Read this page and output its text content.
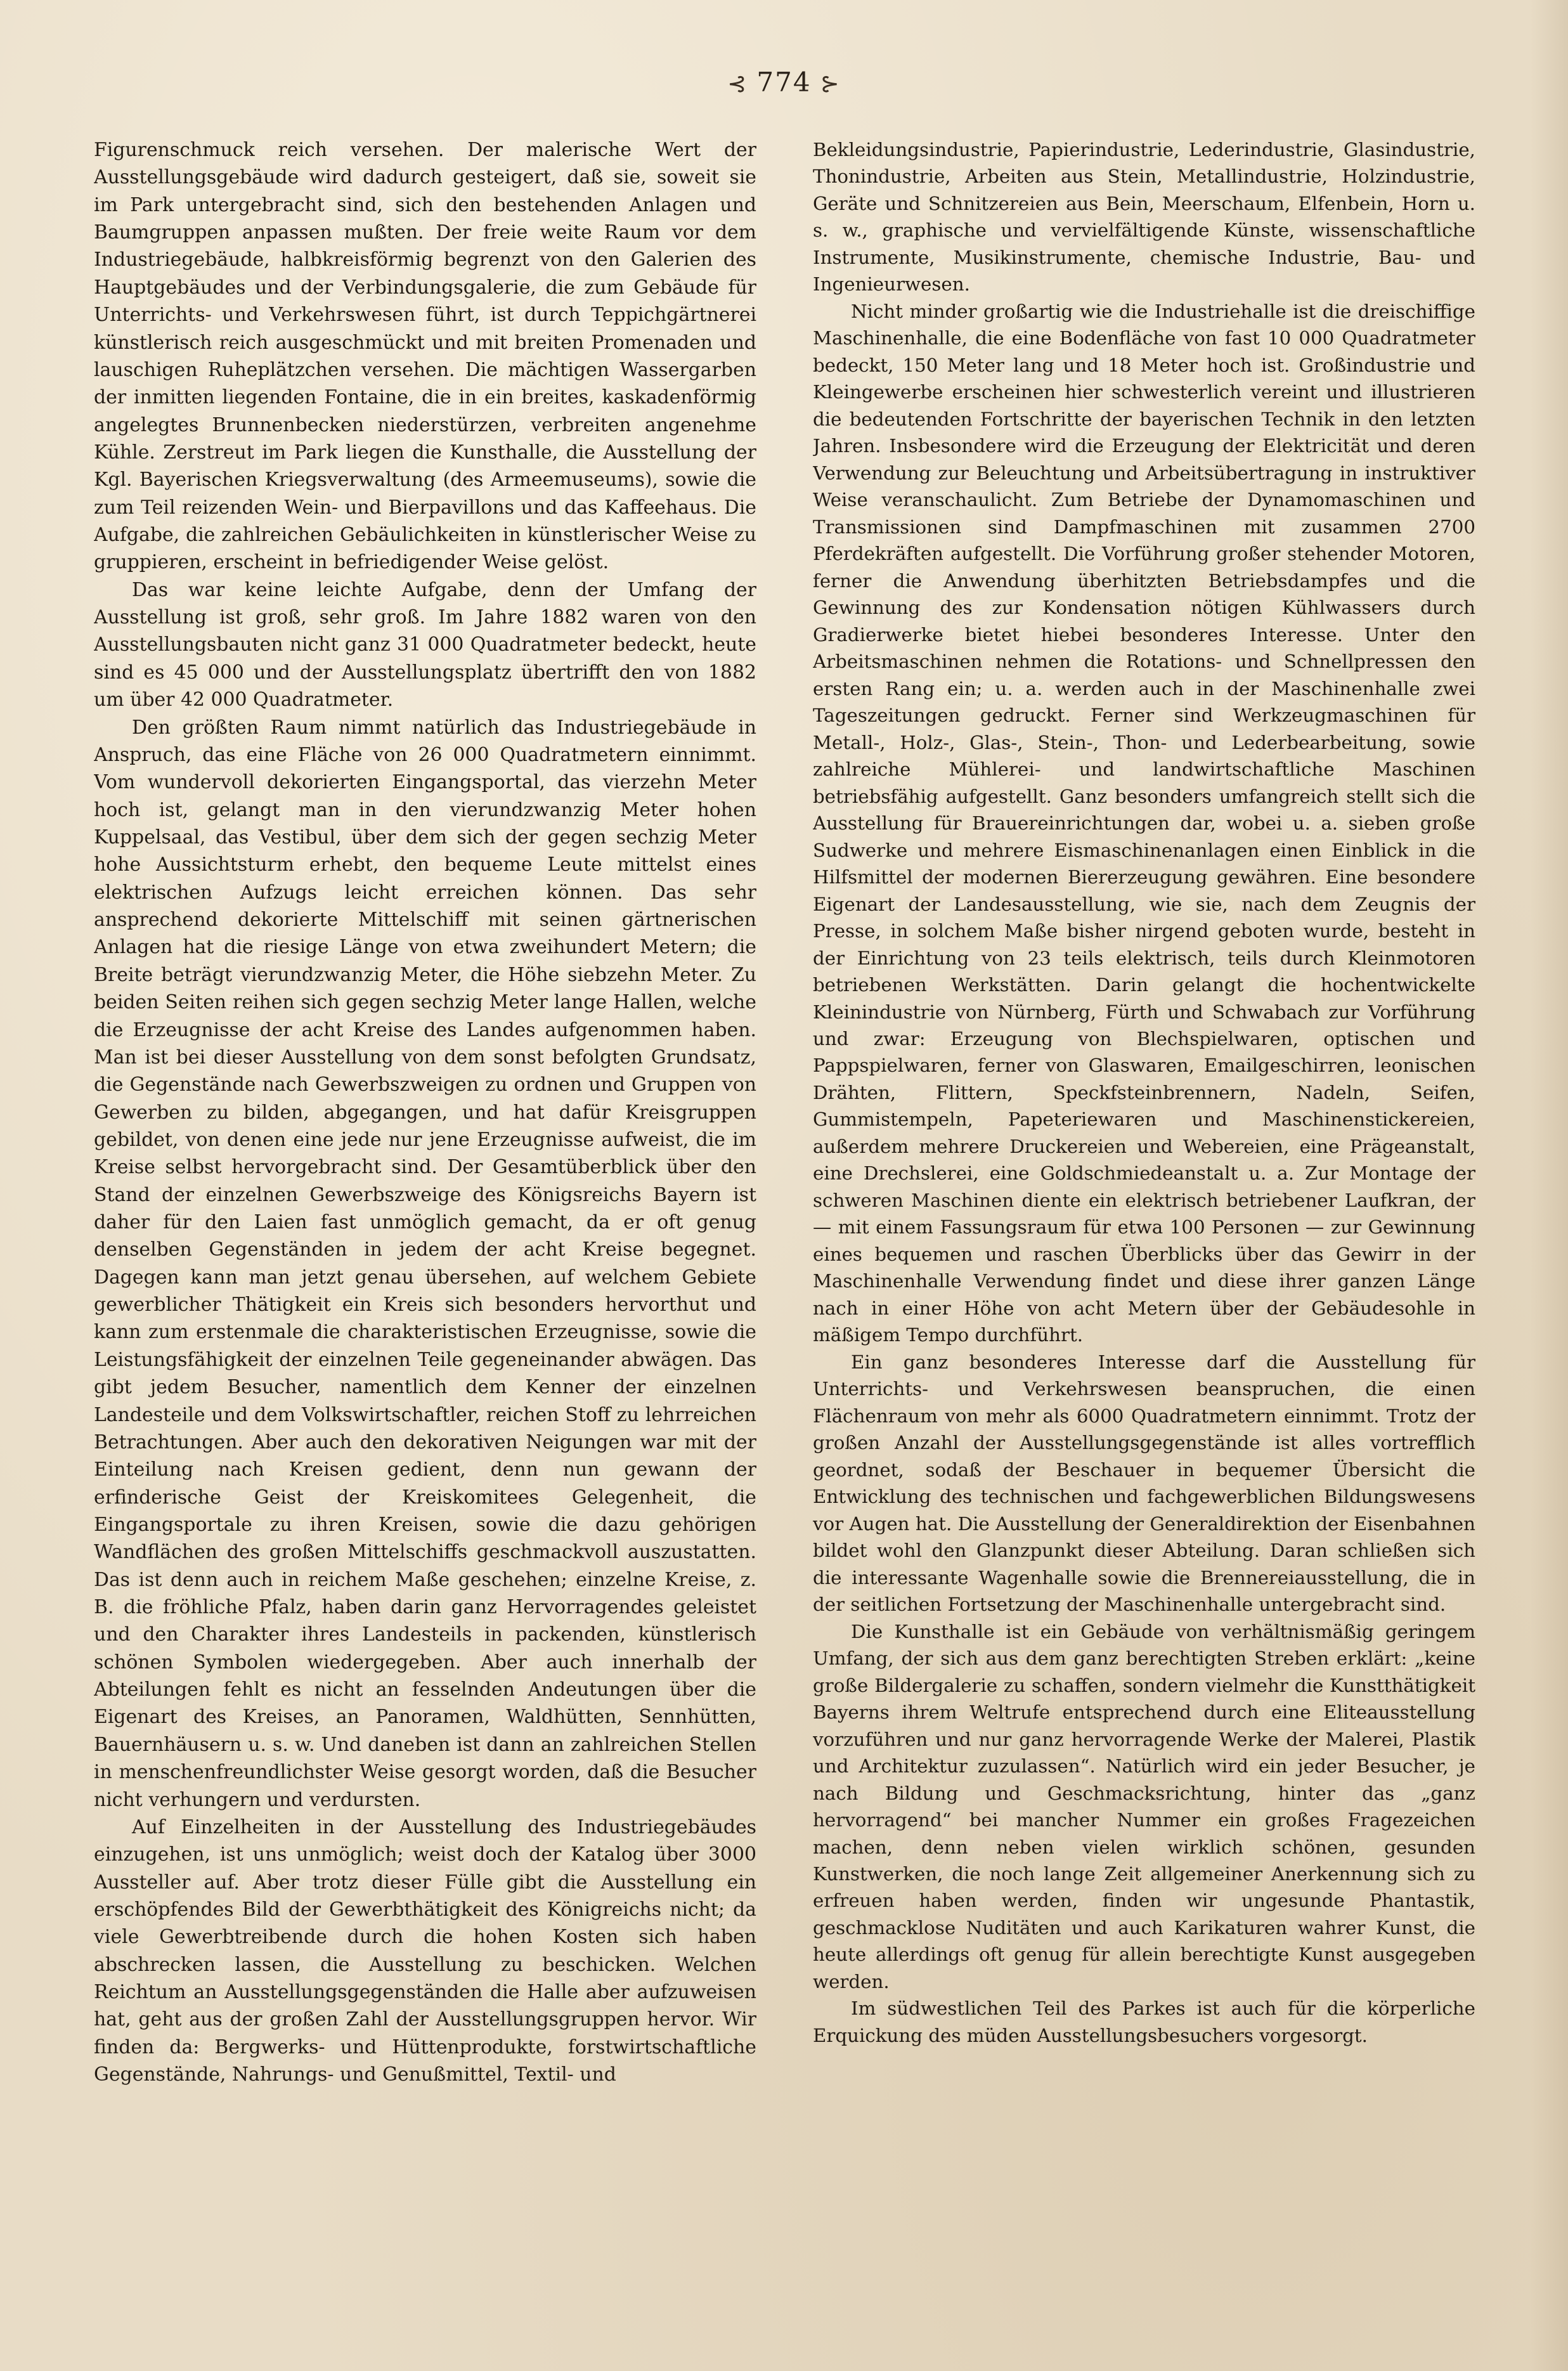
⊰ 774 ⊱

Figurenschmuck reich versehen. Der malerische Wert der Ausstellungsgebäude wird dadurch gesteigert, daß sie, soweit sie im Park untergebracht sind, sich den bestehenden Anlagen und Baumgruppen anpassen mußten. Der freie weite Raum vor dem Industriegebäude, halbkreisförmig begrenzt von den Galerien des Hauptgebäudes und der Verbindungsgalerie, die zum Gebäude für Unterrichts- und Verkehrswesen führt, ist durch Teppichgärtnerei künstlerisch reich ausgeschmückt und mit breiten Promenaden und lauschigen Ruheplätzchen versehen. Die mächtigen Wassergarben der inmitten liegenden Fontaine, die in ein breites, kaskadenförmig angelegtes Brunnenbecken niederstürzen, verbreiten angenehme Kühle. Zerstreut im Park liegen die Kunsthalle, die Ausstellung der Kgl. Bayerischen Kriegsverwaltung (des Armeemuseums), sowie die zum Teil reizenden Wein- und Bierpavillons und das Kaffeehaus. Die Aufgabe, die zahlreichen Gebäulichkeiten in künstlerischer Weise zu gruppieren, erscheint in befriedigender Weise gelöst.

Das war keine leichte Aufgabe, denn der Umfang der Ausstellung ist groß, sehr groß. Im Jahre 1882 waren von den Ausstellungsbauten nicht ganz 31 000 Quadratmeter bedeckt, heute sind es 45 000 und der Ausstellungsplatz übertrifft den von 1882 um über 42 000 Quadratmeter.

Den größten Raum nimmt natürlich das Industriegebäude in Anspruch, das eine Fläche von 26 000 Quadratmetern einnimmt. Vom wundervoll dekorierten Eingangsportal, das vierzehn Meter hoch ist, gelangt man in den vierundzwanzig Meter hohen Kuppelsaal, das Vestibul, über dem sich der gegen sechzig Meter hohe Aussichtsturm erhebt, den bequeme Leute mittelst eines elektrischen Aufzugs leicht erreichen können. Das sehr ansprechend dekorierte Mittelschiff mit seinen gärtnerischen Anlagen hat die riesige Länge von etwa zweihundert Metern; die Breite beträgt vierundzwanzig Meter, die Höhe siebzehn Meter. Zu beiden Seiten reihen sich gegen sechzig Meter lange Hallen, welche die Erzeugnisse der acht Kreise des Landes aufgenommen haben. Man ist bei dieser Ausstellung von dem sonst befolgten Grundsatz, die Gegenstände nach Gewerbszweigen zu ordnen und Gruppen von Gewerben zu bilden, abgegangen, und hat dafür Kreisgruppen gebildet, von denen eine jede nur jene Erzeugnisse aufweist, die im Kreise selbst hervorgebracht sind. Der Gesamtüberblick über den Stand der einzelnen Gewerbszweige des Königsreichs Bayern ist daher für den Laien fast unmöglich gemacht, da er oft genug denselben Gegenständen in jedem der acht Kreise begegnet. Dagegen kann man jetzt genau übersehen, auf welchem Gebiete gewerblicher Thätigkeit ein Kreis sich besonders hervorthut und kann zum erstenmale die charakteristischen Erzeugnisse, sowie die Leistungsfähigkeit der einzelnen Teile gegeneinander abwägen. Das gibt jedem Besucher, namentlich dem Kenner der einzelnen Landesteile und dem Volkswirtschaftler, reichen Stoff zu lehrreichen Betrachtungen. Aber auch den dekorativen Neigungen war mit der Einteilung nach Kreisen gedient, denn nun gewann der erfinderische Geist der Kreiskomitees Gelegenheit, die Eingangsportale zu ihren Kreisen, sowie die dazu gehörigen Wandflächen des großen Mittelschiffs geschmackvoll auszustatten. Das ist denn auch in reichem Maße geschehen; einzelne Kreise, z. B. die fröhliche Pfalz, haben darin ganz Hervorragendes geleistet und den Charakter ihres Landesteils in packenden, künstlerisch schönen Symbolen wiedergegeben. Aber auch innerhalb der Abteilungen fehlt es nicht an fesselnden Andeutungen über die Eigenart des Kreises, an Panoramen, Waldhütten, Sennhütten, Bauernhäusern u. s. w. Und daneben ist dann an zahlreichen Stellen in menschenfreundlichster Weise gesorgt worden, daß die Besucher nicht verhungern und verdursten.

Auf Einzelheiten in der Ausstellung des Industriegebäudes einzugehen, ist uns unmöglich; weist doch der Katalog über 3000 Aussteller auf. Aber trotz dieser Fülle gibt die Ausstellung ein erschöpfendes Bild der Gewerbthätigkeit des Königreichs nicht; da viele Gewerbtreibende durch die hohen Kosten sich haben abschrecken lassen, die Ausstellung zu beschicken. Welchen Reichtum an Ausstellungsgegenständen die Halle aber aufzuweisen hat, geht aus der großen Zahl der Ausstellungsgruppen hervor. Wir finden da: Bergwerks- und Hüttenprodukte, forstwirtschaftliche Gegenstände, Nahrungs- und Genußmittel, Textil- und

Bekleidungsindustrie, Papierindustrie, Lederindustrie, Glasindustrie, Thonindustrie, Arbeiten aus Stein, Metallindustrie, Holzindustrie, Geräte und Schnitzereien aus Bein, Meerschaum, Elfenbein, Horn u. s. w., graphische und vervielfältigende Künste, wissenschaftliche Instrumente, Musikinstrumente, chemische Industrie, Bau- und Ingenieurwesen.

Nicht minder großartig wie die Industriehalle ist die dreischiffige Maschinenhalle, die eine Bodenfläche von fast 10 000 Quadratmeter bedeckt, 150 Meter lang und 18 Meter hoch ist. Großindustrie und Kleingewerbe erscheinen hier schwesterlich vereint und illustrieren die bedeutenden Fortschritte der bayerischen Technik in den letzten Jahren. Insbesondere wird die Erzeugung der Elektricität und deren Verwendung zur Beleuchtung und Arbeitsübertragung in instruktiver Weise veranschaulicht. Zum Betriebe der Dynamomaschinen und Transmissionen sind Dampfmaschinen mit zusammen 2700 Pferdekräften aufgestellt. Die Vorführung großer stehender Motoren, ferner die Anwendung überhitzten Betriebsdampfes und die Gewinnung des zur Kondensation nötigen Kühlwassers durch Gradierwerke bietet hiebei besonderes Interesse. Unter den Arbeitsmaschinen nehmen die Rotations- und Schnellpressen den ersten Rang ein; u. a. werden auch in der Maschinenhalle zwei Tageszeitungen gedruckt. Ferner sind Werkzeugmaschinen für Metall-, Holz-, Glas-, Stein-, Thon- und Lederbearbeitung, sowie zahlreiche Mühlerei- und landwirtschaftliche Maschinen betriebsfähig aufgestellt. Ganz besonders umfangreich stellt sich die Ausstellung für Brauereinrichtungen dar, wobei u. a. sieben große Sudwerke und mehrere Eismaschinenanlagen einen Einblick in die Hilfsmittel der modernen Biererzeugung gewähren. Eine besondere Eigenart der Landesausstellung, wie sie, nach dem Zeugnis der Presse, in solchem Maße bisher nirgend geboten wurde, besteht in der Einrichtung von 23 teils elektrisch, teils durch Kleinmotoren betriebenen Werkstätten. Darin gelangt die hochentwickelte Kleinindustrie von Nürnberg, Fürth und Schwabach zur Vorführung und zwar: Erzeugung von Blechspielwaren, optischen und Pappspielwaren, ferner von Glaswaren, Emailgeschirren, leonischen Drähten, Flittern, Speckfsteinbrennern, Nadeln, Seifen, Gummistempeln, Papeteriewaren und Maschinenstickereien, außerdem mehrere Druckereien und Webereien, eine Prägeanstalt, eine Drechslerei, eine Goldschmiedeanstalt u. a. Zur Montage der schweren Maschinen diente ein elektrisch betriebener Laufkran, der — mit einem Fassungsraum für etwa 100 Personen — zur Gewinnung eines bequemen und raschen Überblicks über das Gewirr in der Maschinenhalle Verwendung findet und diese ihrer ganzen Länge nach in einer Höhe von acht Metern über der Gebäudesohle in mäßigem Tempo durchführt.

Ein ganz besonderes Interesse darf die Ausstellung für Unterrichts- und Verkehrswesen beanspruchen, die einen Flächenraum von mehr als 6000 Quadratmetern einnimmt. Trotz der großen Anzahl der Ausstellungsgegenstände ist alles vortrefflich geordnet, sodaß der Beschauer in bequemer Übersicht die Entwicklung des technischen und fachgewerblichen Bildungswesens vor Augen hat. Die Ausstellung der Generaldirektion der Eisenbahnen bildet wohl den Glanzpunkt dieser Abteilung. Daran schließen sich die interessante Wagenhalle sowie die Brennereiausstellung, die in der seitlichen Fortsetzung der Maschinenhalle untergebracht sind.

Die Kunsthalle ist ein Gebäude von verhältnismäßig geringem Umfang, der sich aus dem ganz berechtigten Streben erklärt: „keine große Bildergalerie zu schaffen, sondern vielmehr die Kunstthätigkeit Bayerns ihrem Weltrufe entsprechend durch eine Eliteausstellung vorzuführen und nur ganz hervorragende Werke der Malerei, Plastik und Architektur zuzulassen“. Natürlich wird ein jeder Besucher, je nach Bildung und Geschmacksrichtung, hinter das „ganz hervorragend“ bei mancher Nummer ein großes Fragezeichen machen, denn neben vielen wirklich schönen, gesunden Kunstwerken, die noch lange Zeit allgemeiner Anerkennung sich zu erfreuen haben werden, finden wir ungesunde Phantastik, geschmacklose Nuditäten und auch Karikaturen wahrer Kunst, die heute allerdings oft genug für allein berechtigte Kunst ausgegeben werden.

Im südwestlichen Teil des Parkes ist auch für die körperliche Erquickung des müden Ausstellungsbesuchers vorgesorgt.
